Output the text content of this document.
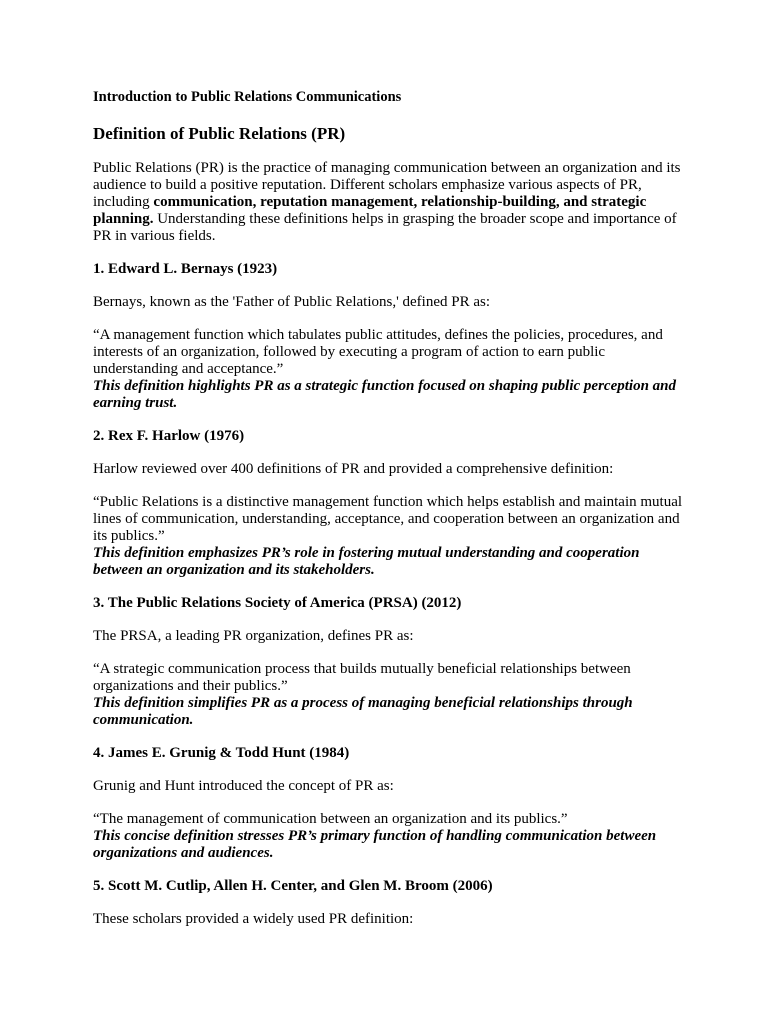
Introduction to Public Relations Communications

Definition of Public Relations (PR)

Public Relations (PR) is the practice of managing communication between an organization and its audience to build a positive reputation. Different scholars emphasize various aspects of PR, including communication, reputation management, relationship-building, and strategic planning. Understanding these definitions helps in grasping the broader scope and importance of PR in various fields.

1. Edward L. Bernays (1923)

Bernays, known as the 'Father of Public Relations,' defined PR as:

“A management function which tabulates public attitudes, defines the policies, procedures, and interests of an organization, followed by executing a program of action to earn public understanding and acceptance.”

This definition highlights PR as a strategic function focused on shaping public perception and earning trust.

2. Rex F. Harlow (1976)

Harlow reviewed over 400 definitions of PR and provided a comprehensive definition:

“Public Relations is a distinctive management function which helps establish and maintain mutual lines of communication, understanding, acceptance, and cooperation between an organization and its publics.”

This definition emphasizes PR’s role in fostering mutual understanding and cooperation between an organization and its stakeholders.

3. The Public Relations Society of America (PRSA) (2012)

The PRSA, a leading PR organization, defines PR as:

“A strategic communication process that builds mutually beneficial relationships between organizations and their publics.”

This definition simplifies PR as a process of managing beneficial relationships through communication.

4. James E. Grunig & Todd Hunt (1984)

Grunig and Hunt introduced the concept of PR as:

“The management of communication between an organization and its publics.”

This concise definition stresses PR’s primary function of handling communication between organizations and audiences.

5. Scott M. Cutlip, Allen H. Center, and Glen M. Broom (2006)

These scholars provided a widely used PR definition:
